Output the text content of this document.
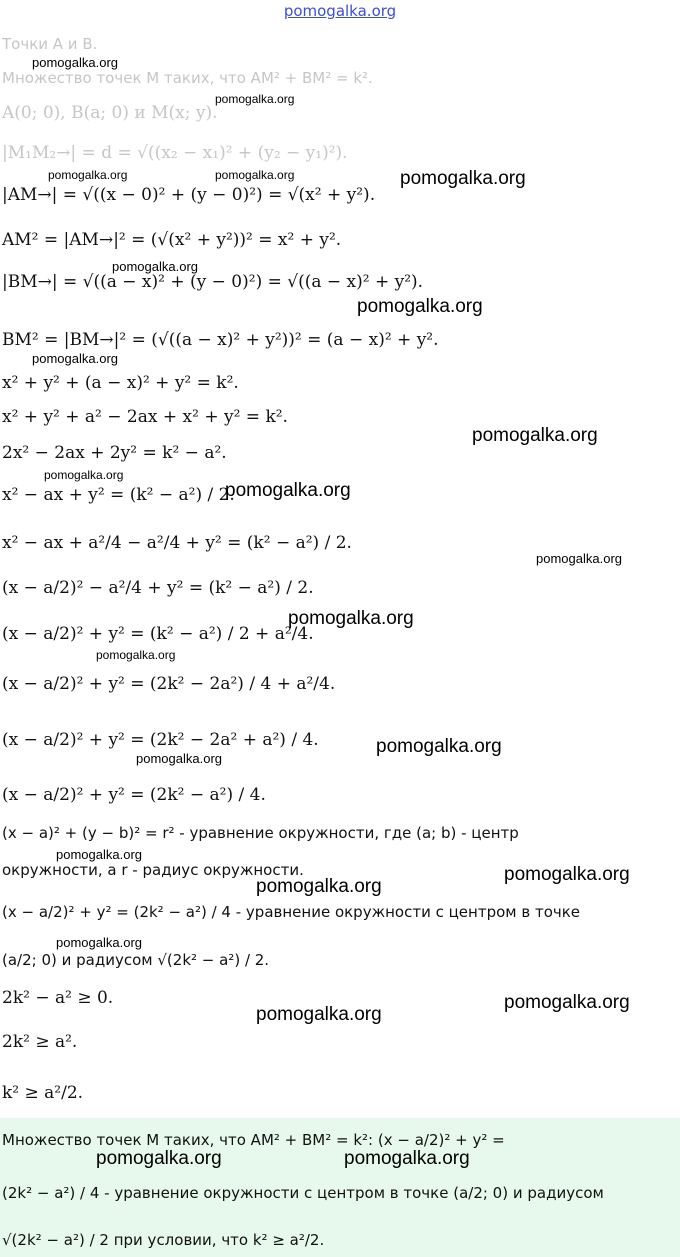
pomogalka.org
Точки A и B.
Множество точек M таких, что AM² + BM² = k².
A(0; 0), B(a; 0) и M(x; y).
|M₁M₂→| = d = √((x₂ − x₁)² + (y₂ − y₁)²).
|AM→| = √((x − 0)² + (y − 0)²) = √(x² + y²).
AM² = |AM→|² = (√(x² + y²))² = x² + y².
|BM→| = √((a − x)² + (y − 0)²) = √((a − x)² + y²).
BM² = |BM→|² = (√((a − x)² + y²))² = (a − x)² + y².
x² + y² + (a − x)² + y² = k².
x² + y² + a² − 2ax + x² + y² = k².
2x² − 2ax + 2y² = k² − a².
x² − ax + y² = (k² − a²) / 2.
x² − ax + a²/4 − a²/4 + y² = (k² − a²) / 2.
(x − a/2)² − a²/4 + y² = (k² − a²) / 2.
(x − a/2)² + y² = (k² − a²) / 2 + a²/4.
(x − a/2)² + y² = (2k² − 2a²) / 4 + a²/4.
(x − a/2)² + y² = (2k² − 2a² + a²) / 4.
(x − a/2)² + y² = (2k² − a²) / 4.
(x − a)² + (y − b)² = r² - уравнение окружности, где (a; b) - центр
окружности, а r - радиус окружности.
(x − a/2)² + y² = (2k² − a²) / 4 - уравнение окружности с центром в точке
(a/2; 0) и радиусом √(2k² − a²) / 2.
2k² − a² ≥ 0.
2k² ≥ a².
k² ≥ a²/2.
Множество точек M таких, что AM² + BM² = k²: (x − a/2)² + y² =
(2k² − a²) / 4 - уравнение окружности с центром в точке (a/2; 0) и радиусом
√(2k² − a²) / 2 при условии, что k² ≥ a²/2.
pomogalka.org
pomogalka.org
pomogalka.org	pomogalka.org	pomogalka.org
pomogalka.org
pomogalka.org
pomogalka.org
pomogalka.org
pomogalka.org
pomogalka.org
pomogalka.org
pomogalka.org
pomogalka.org
pomogalka.org
pomogalka.org
pomogalka.org
pomogalka.org
pomogalka.org
pomogalka.org
pomogalka.org
pomogalka.org
pomogalka.org	pomogalka.org
